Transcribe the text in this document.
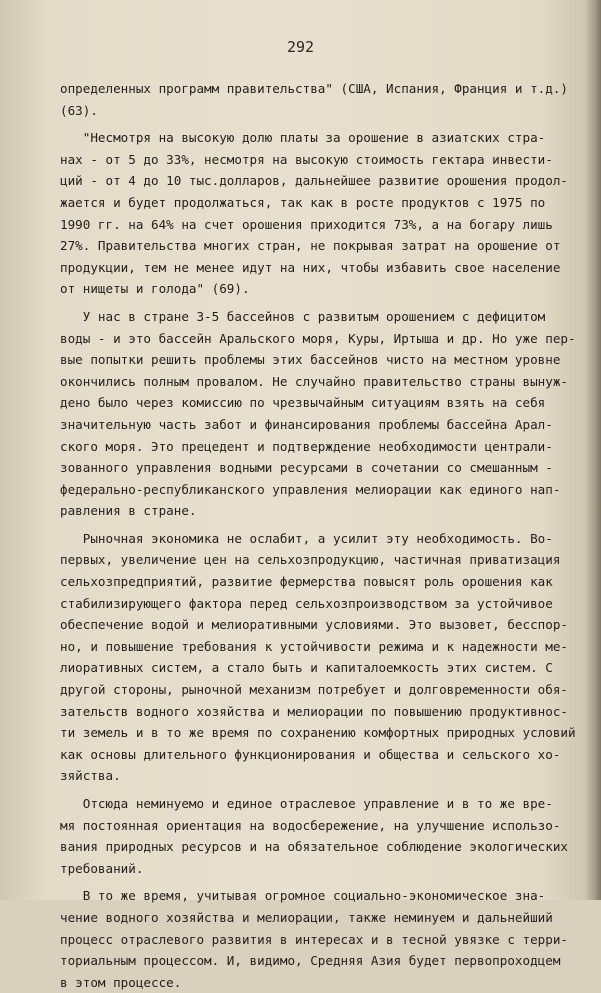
292
определенных программ правительства" (США, Испания, Франция и т.д.)
(63).
"Несмотря на высокую долю платы за орошение в азиатских стра-
нах - от 5 до 33%, несмотря на высокую стоимость гектара инвести-
ций - от 4 до 10 тыс.долларов, дальнейшее развитие орошения продол-
жается и будет продолжаться, так как в росте продуктов с 1975 по
1990 гг. на 64% на счет орошения приходится 73%, а на богару лишь
27%. Правительства многих стран, не покрывая затрат на орошение от
продукции, тем не менее идут на них, чтобы избавить свое население
от нищеты и голода" (69).
У нас в стране 3-5 бассейнов с развитым орошением с дефицитом
воды - и это бассейн Аральского моря, Куры, Иртыша и др. Но уже пер-
вые попытки решить проблемы этих бассейнов чисто на местном уровне
окончились полным провалом. Не случайно правительство страны вынуж-
дено было через комиссию по чрезвычайным ситуациям взять на себя
значительную часть забот и финансирования проблемы бассейна Арал-
ского моря. Это прецедент и подтверждение необходимости централи-
зованного управления водными ресурсами в сочетании со смешанным -
федерально-республиканского управления мелиорации как единого нап-
равления в стране.
Рыночная экономика не ослабит, а усилит эту необходимость. Во-
первых, увеличение цен на сельхозпродукцию, частичная приватизация
сельхозпредприятий, развитие фермерства повысят роль орошения как
стабилизирующего фактора перед сельхозпроизводством за устойчивое
обеспечение водой и мелиоративными условиями. Это вызовет, бесспор-
но, и повышение требования к устойчивости режима и к надежности ме-
лиоративных систем, а стало быть и капиталоемкость этих систем. С
другой стороны, рыночной механизм потребует и долговременности обя-
зательств водного хозяйства и мелиорации по повышению продуктивнос-
ти земель и в то же время по сохранению комфортных природных условий
как основы длительного функционирования и общества и сельского хо-
зяйства.
Отсюда неминуемо и единое отраслевое управление и в то же вре-
мя постоянная ориентация на водосбережение, на улучшение использо-
вания природных ресурсов и на обязательное соблюдение экологических
требований.
В то же время, учитывая огромное социально-экономическое зна-
чение водного хозяйства и мелиорации, также неминуем и дальнейший
процесс отраслевого развития в интересах и в тесной увязке с терри-
ториальным процессом. И, видимо, Средняя Азия будет первопроходцем
в этом процессе.
